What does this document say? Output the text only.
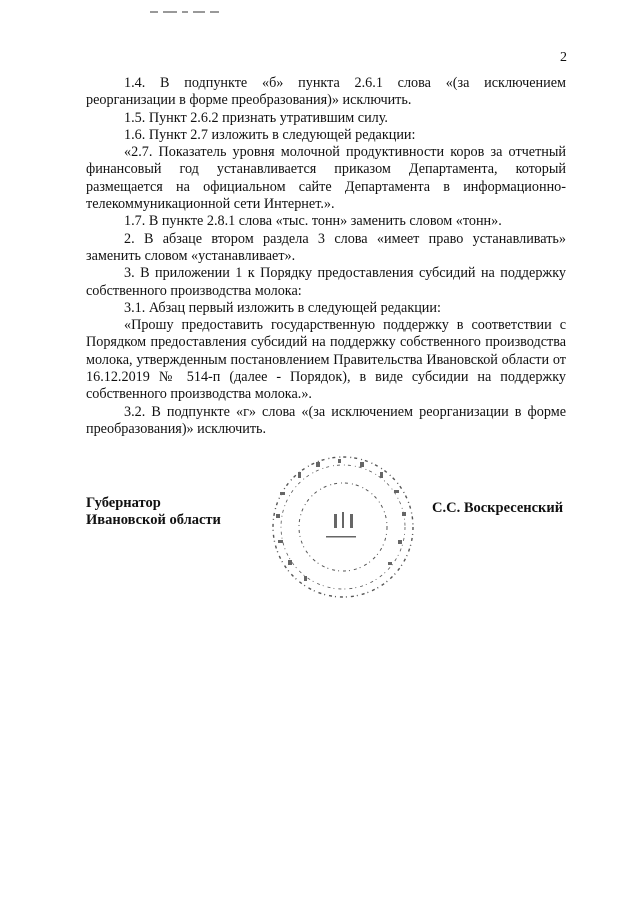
2

1.4. В подпункте «б» пункта 2.6.1 слова «(за исключением реорганизации в форме преобразования)» исключить.

1.5. Пункт 2.6.2 признать утратившим силу.

1.6. Пункт 2.7 изложить в следующей редакции:

«2.7. Показатель уровня молочной продуктивности коров за отчетный финансовый год устанавливается приказом Департамента, который размещается на официальном сайте Департамента в информационно-телекоммуникационной сети Интернет.».

1.7. В пункте 2.8.1 слова «тыс. тонн» заменить словом «тонн».

2. В абзаце втором раздела 3 слова «имеет право устанавливать» заменить словом «устанавливает».

3. В приложении 1 к Порядку предоставления субсидий на поддержку собственного производства молока:

3.1. Абзац первый изложить в следующей редакции:

«Прошу предоставить государственную поддержку в соответствии с Порядком предоставления субсидий на поддержку собственного производства молока, утвержденным постановлением Правительства Ивановской области от 16.12.2019 № 514-п (далее - Порядок), в виде субсидии на поддержку собственного производства молока.».

3.2. В подпункте «г» слова «(за исключением реорганизации в форме преобразования)» исключить.

Губернатор
Ивановской области
С.С. Воскресенский
